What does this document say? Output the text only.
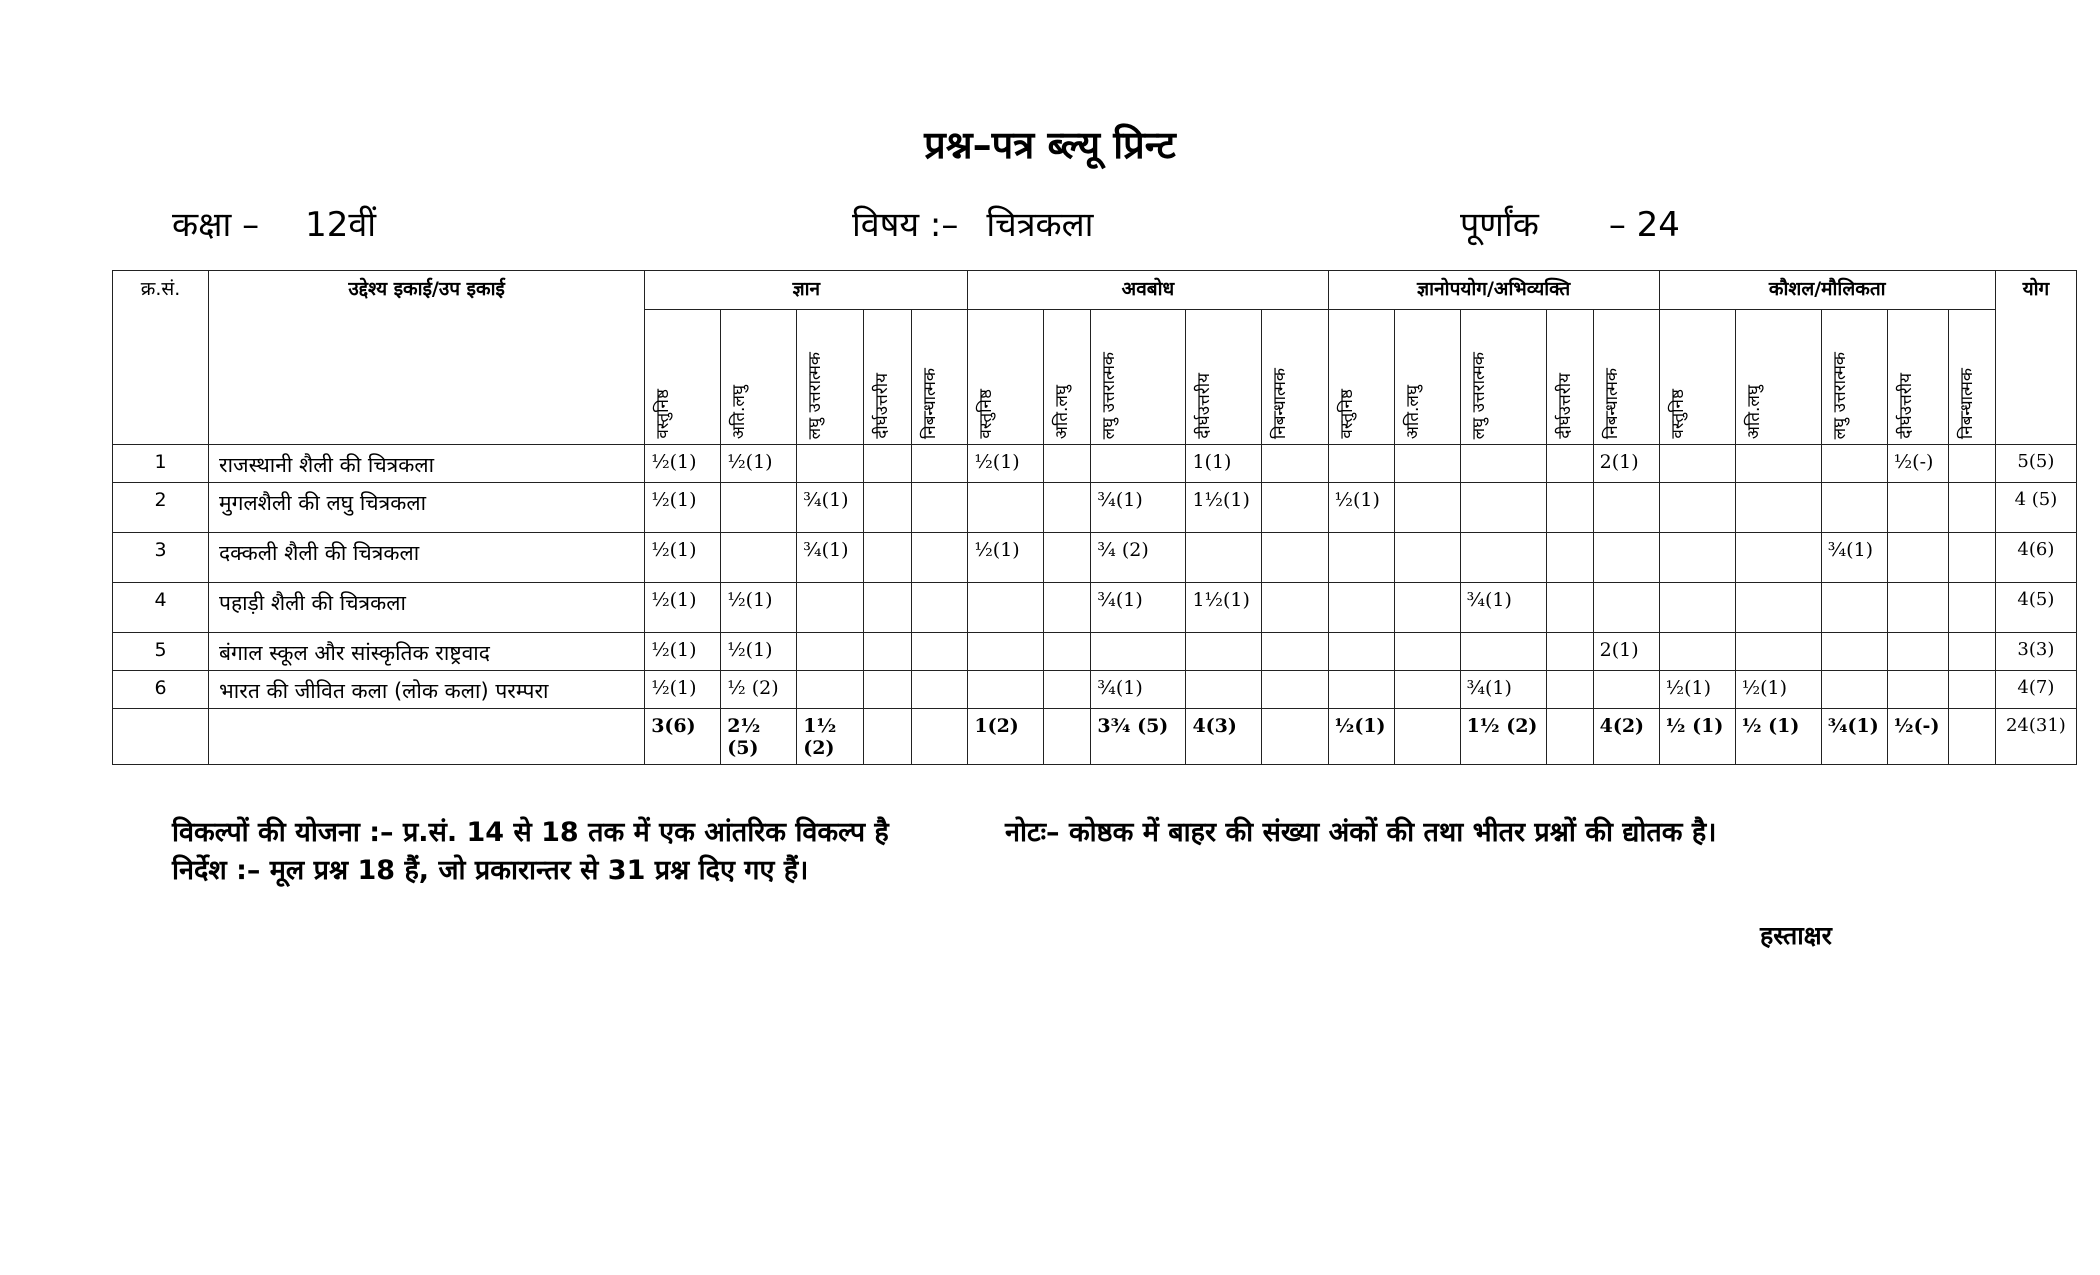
प्रश्न–पत्र ब्ल्यू प्रिन्ट
कक्षा – 12वीं	विषय :– चित्रकला	पूर्णांक – 24
क्र.सं.	उद्देश्य इकाई/उप इकाई	ज्ञान					अवबोध					ज्ञानोपयोग/अभिव्यक्ति					कौशल/मौलिकता					योग
		वस्तुनिष्ठ	अति.लघु	लघु उत्तरात्मक	दीर्घउत्तरीय	निबन्धात्मक	वस्तुनिष्ठ	अति.लघु	लघु उत्तरात्मक	दीर्घउत्तरीय	निबन्धात्मक	वस्तुनिष्ठ	अति.लघु	लघु उत्तरात्मक	दीर्घउत्तरीय	निबन्धात्मक	वस्तुनिष्ठ	अति.लघु	लघु उत्तरात्मक	दीर्घउत्तरीय	निबन्धात्मक	
1	राजस्थानी शैली की चित्रकला	½(1)	½(1)				½(1)			1(1)						2(1)				½(-)		5(5)
2	मुगलशैली की लघु चित्रकला	½(1)		¾(1)					¾(1)	1½(1)		½(1)										4 (5)
3	दक्कली शैली की चित्रकला	½(1)		¾(1)			½(1)		¾ (2)										¾(1)			4(6)
4	पहाड़ी शैली की चित्रकला	½(1)	½(1)						¾(1)	1½(1)				¾(1)								4(5)
5	बंगाल स्कूल और सांस्कृतिक राष्ट्रवाद	½(1)	½(1)													2(1)						3(3)
6	भारत की जीवित कला (लोक कला) परम्परा	½(1)	½ (2)						¾(1)					¾(1)			½(1)	½(1)				4(7)
		3(6)	2½ (5)	1½ (2)			1(2)		3¾ (5)	4(3)		½(1)		1½ (2)		4(2)	½ (1)	½ (1)	¾(1)	½(-)		24(31)
विकल्पों की योजना :– प्र.सं. 14 से 18 तक में एक आंतरिक विकल्प है
निर्देश :– मूल प्रश्न 18 हैं, जो प्रकारान्तर से 31 प्रश्न दिए गए हैं।
नोटः– कोष्ठक में बाहर की संख्या अंकों की तथा भीतर प्रश्नों की द्योतक है।
हस्ताक्षर
